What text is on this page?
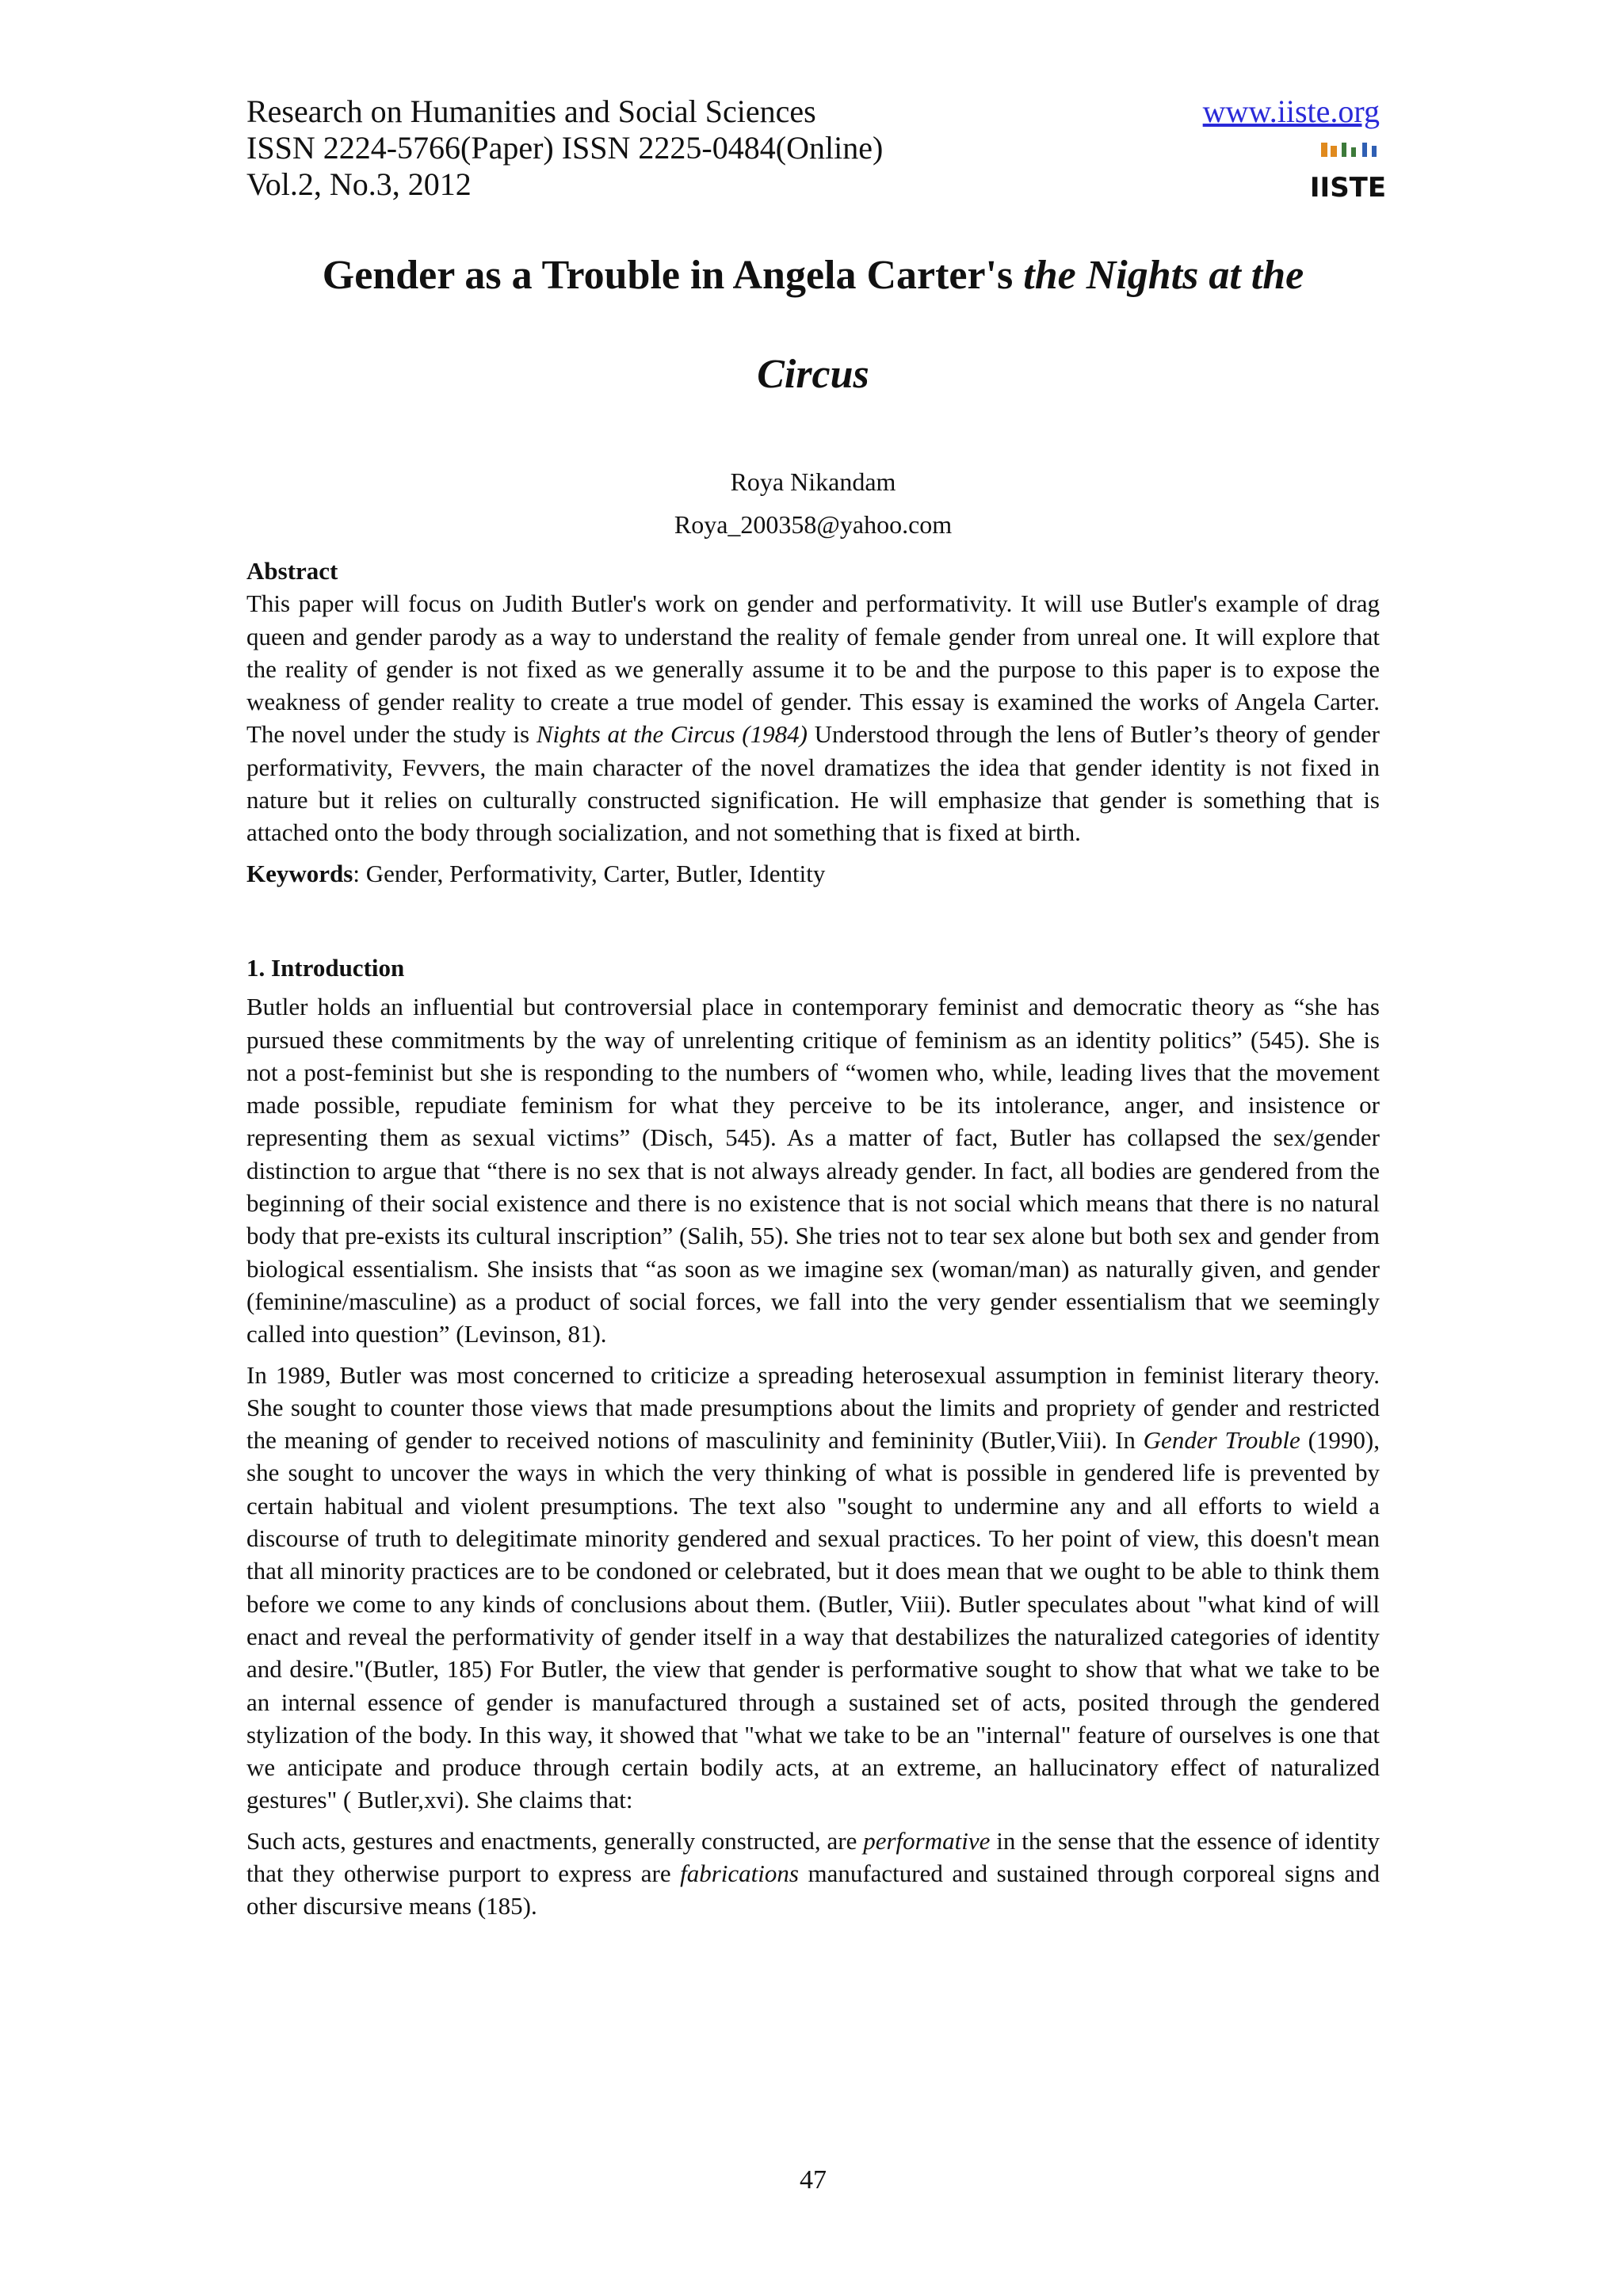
Research on Humanities and Social Sciences	www.iiste.org
ISSN 2224-5766(Paper) ISSN 2225-0484(Online)
Vol.2, No.3, 2012	IISTE
Gender as a Trouble in Angela Carter's the Nights at the
Circus
Roya Nikandam
Roya_200358@yahoo.com

Abstract

This paper will focus on Judith Butler's work on gender and performativity. It will use Butler's example of drag queen and gender parody as a way to understand the reality of female gender from unreal one. It will explore that the reality of gender is not fixed as we generally assume it to be and the purpose to this paper is to expose the weakness of gender reality to create a true model of gender. This essay is examined the works of Angela Carter. The novel under the study is Nights at the Circus (1984) Understood through the lens of Butler’s theory of gender performativity, Fevvers, the main character of the novel dramatizes the idea that gender identity is not fixed in nature but it relies on culturally constructed signification. He will emphasize that gender is something that is attached onto the body through socialization, and not something that is fixed at birth.

Keywords: Gender, Performativity, Carter, Butler, Identity

1. Introduction

Butler holds an influential but controversial place in contemporary feminist and democratic theory as “she has pursued these commitments by the way of unrelenting critique of feminism as an identity politics” (545). She is not a post-feminist but she is responding to the numbers of “women who, while, leading lives that the movement made possible, repudiate feminism for what they perceive to be its intolerance, anger, and insistence or representing them as sexual victims” (Disch, 545). As a matter of fact, Butler has collapsed the sex/gender distinction to argue that “there is no sex that is not always already gender. In fact, all bodies are gendered from the beginning of their social existence and there is no existence that is not social which means that there is no natural body that pre-exists its cultural inscription” (Salih, 55). She tries not to tear sex alone but both sex and gender from biological essentialism. She insists that “as soon as we imagine sex (woman/man) as naturally given, and gender (feminine/masculine) as a product of social forces, we fall into the very gender essentialism that we seemingly called into question” (Levinson, 81).

In 1989, Butler was most concerned to criticize a spreading heterosexual assumption in feminist literary theory. She sought to counter those views that made presumptions about the limits and propriety of gender and restricted the meaning of gender to received notions of masculinity and femininity (Butler,Viii). In Gender Trouble (1990), she sought to uncover the ways in which the very thinking of what is possible in gendered life is prevented by certain habitual and violent presumptions. The text also "sought to undermine any and all efforts to wield a discourse of truth to delegitimate minority gendered and sexual practices. To her point of view, this doesn't mean that all minority practices are to be condoned or celebrated, but it does mean that we ought to be able to think them before we come to any kinds of conclusions about them. (Butler, Viii). Butler speculates about "what kind of will enact and reveal the performativity of gender itself in a way that destabilizes the naturalized categories of identity and desire."(Butler, 185) For Butler, the view that gender is performative sought to show that what we take to be an internal essence of gender is manufactured through a sustained set of acts, posited through the gendered stylization of the body. In this way, it showed that "what we take to be an "internal" feature of ourselves is one that we anticipate and produce through certain bodily acts, at an extreme, an hallucinatory effect of naturalized gestures" ( Butler,xvi). She claims that:

Such acts, gestures and enactments, generally constructed, are performative in the sense that the essence of identity that they otherwise purport to express are fabrications manufactured and sustained through corporeal signs and other discursive means (185).

47
